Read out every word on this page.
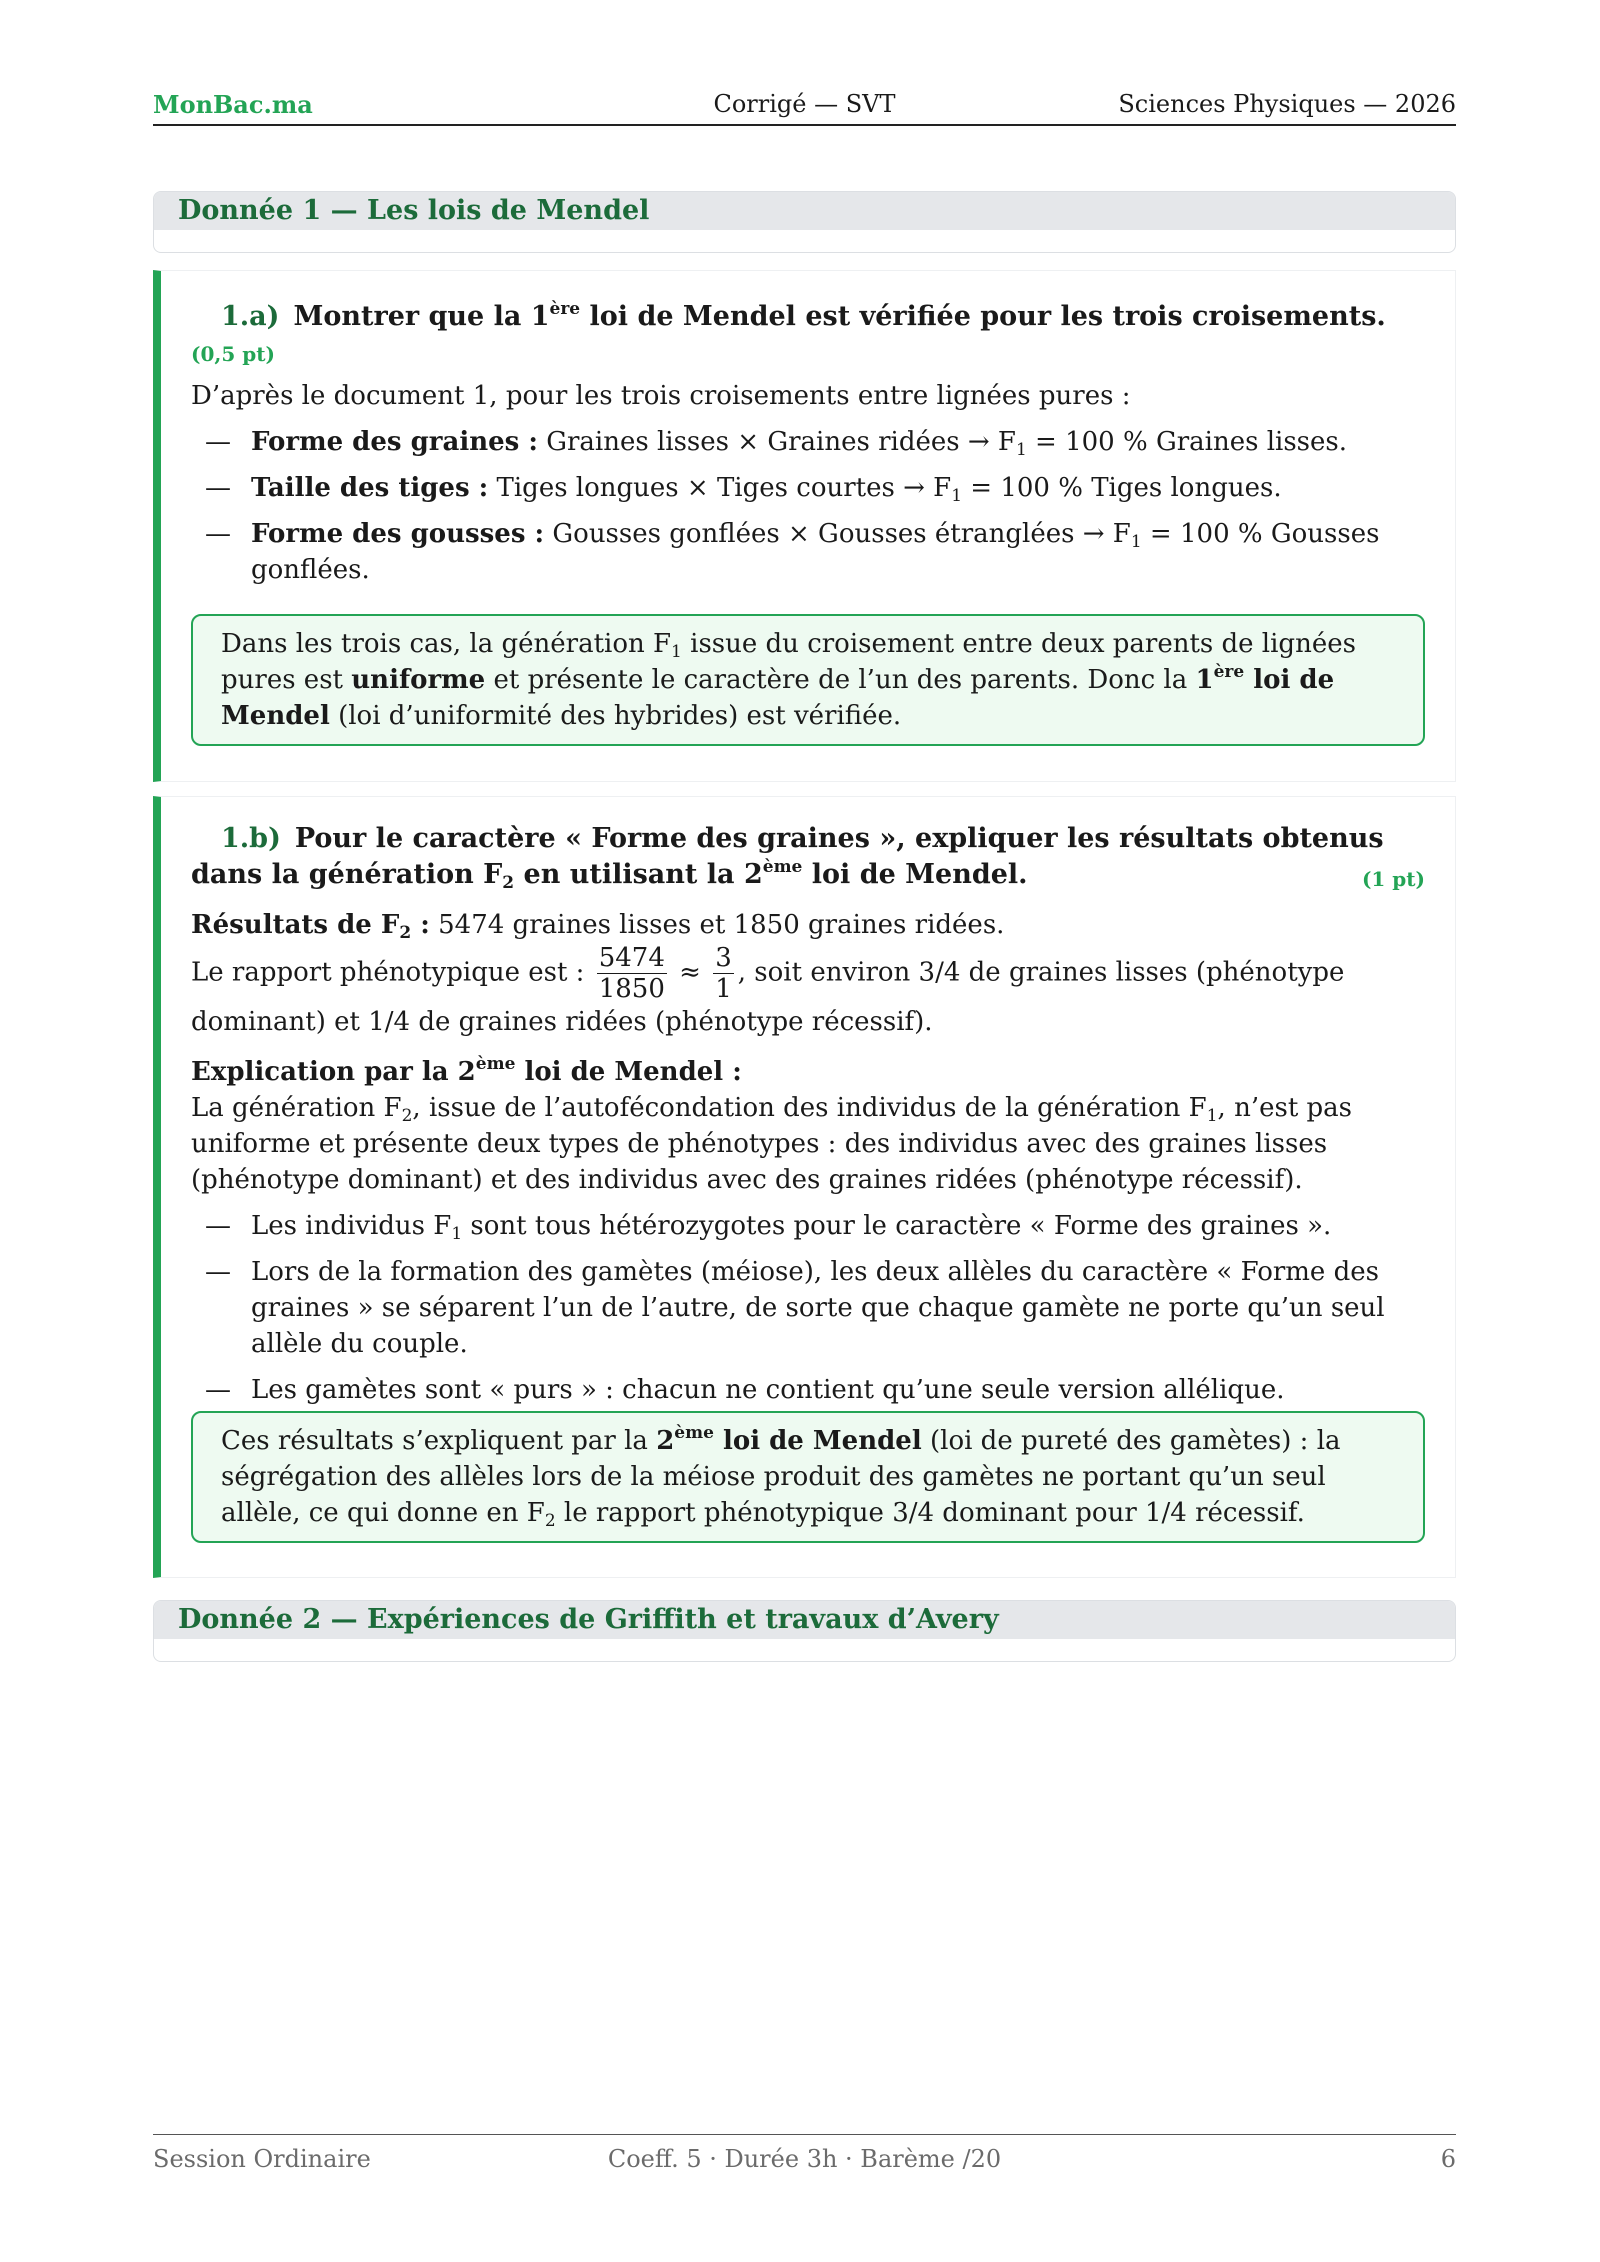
MonBac.ma	Corrigé — SVT	Sciences Physiques — 2026
Donnée 1 — Les lois de Mendel
1.a) Montrer que la 1ère loi de Mendel est vérifiée pour les trois croisements. (0,5 pt)
D’après le document 1, pour les trois croisements entre lignées pures :
— Forme des graines : Graines lisses × Graines ridées → $F_1 = 100$ % Graines lisses.
— Taille des tiges : Tiges longues × Tiges courtes → $F_1 = 100$ % Tiges longues.
— Forme des gousses : Gousses gonflées × Gousses étranglées → $F_1 = 100$ % Gousses gonflées.
Dans les trois cas, la génération $F_1$ issue du croisement entre deux parents de lignées pures est uniforme et présente le caractère de l’un des parents. Donc la 1ère loi de Mendel (loi d’uniformité des hybrides) est vérifiée.
1.b) Pour le caractère « Forme des graines », expliquer les résultats obtenus dans la génération $F_2$ en utilisant la 2ème loi de Mendel.	(1 pt)
Résultats de $F_2$ : 5474 graines lisses et 1850 graines ridées.
Le rapport phénotypique est : $\frac{5474}{1850} \approx \frac{3}{1}$ , soit environ 3/4 de graines lisses (phénotype dominant) et 1/4 de graines ridées (phénotype récessif).
Explication par la 2ème loi de Mendel :
La génération $F_2$, issue de l’autofécondation des individus de la génération $F_1$, n’est pas uniforme et présente deux types de phénotypes : des individus avec des graines lisses (phénotype dominant) et des individus avec des graines ridées (phénotype récessif).
— Les individus $F_1$ sont tous hétérozygotes pour le caractère « Forme des graines ».
— Lors de la formation des gamètes (méiose), les deux allèles du caractère « Forme des graines » se séparent l’un de l’autre, de sorte que chaque gamète ne porte qu’un seul allèle du couple.
— Les gamètes sont « purs » : chacun ne contient qu’une seule version allélique.
Ces résultats s’expliquent par la 2ème loi de Mendel (loi de pureté des gamètes) : la ségrégation des allèles lors de la méiose produit des gamètes ne portant qu’un seul allèle, ce qui donne en $F_2$ le rapport phénotypique 3/4 dominant pour 1/4 récessif.
Donnée 2 — Expériences de Griffith et travaux d’Avery
Session Ordinaire	Coeff. 5 · Durée 3h · Barème /20	6
